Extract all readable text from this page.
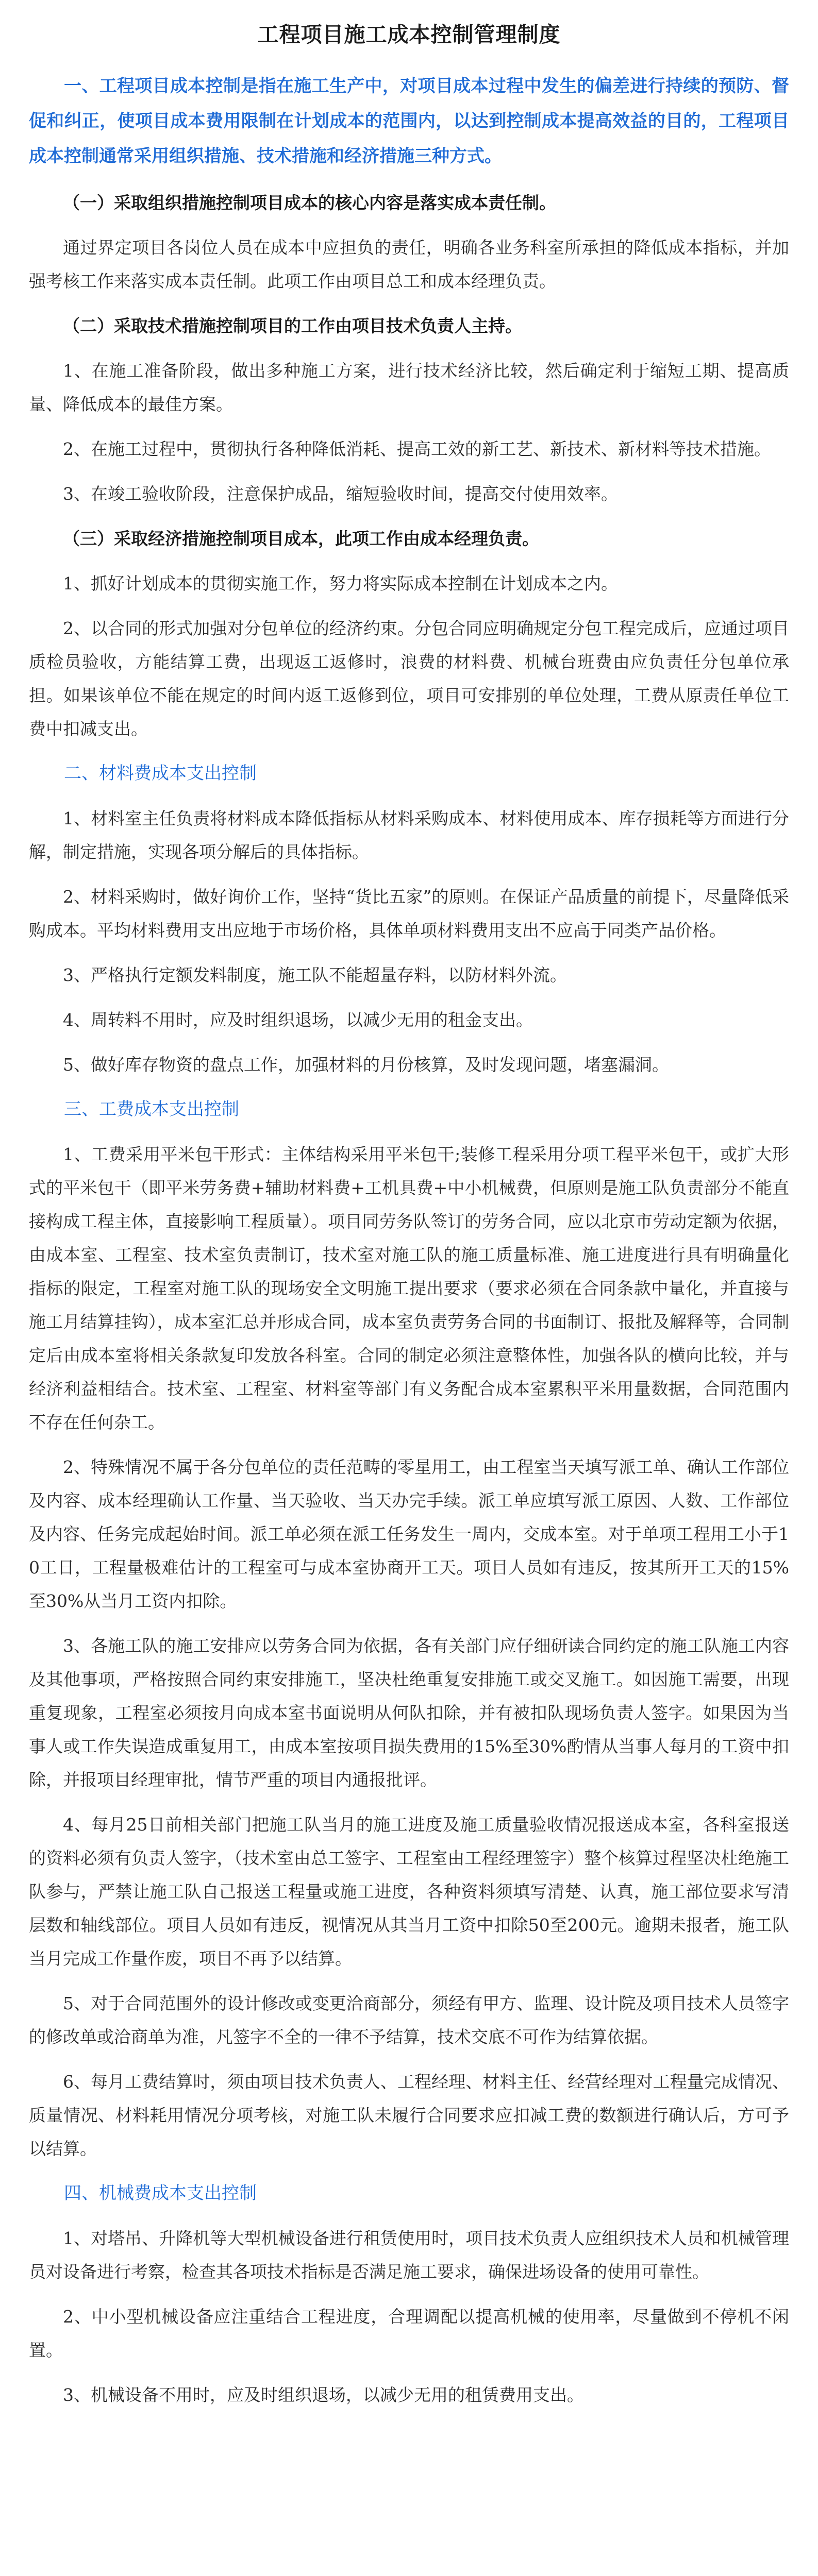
工程项目施工成本控制管理制度

一、工程项目成本控制是指在施工生产中，对项目成本过程中发生的偏差进行持续的预防、督促和纠正，使项目成本费用限制在计划成本的范围内，以达到控制成本提高效益的目的，工程项目成本控制通常采用组织措施、技术措施和经济措施三种方式。

（一）采取组织措施控制项目成本的核心内容是落实成本责任制。

通过界定项目各岗位人员在成本中应担负的责任，明确各业务科室所承担的降低成本指标，并加强考核工作来落实成本责任制。此项工作由项目总工和成本经理负责。

（二）采取技术措施控制项目的工作由项目技术负责人主持。

1、在施工准备阶段，做出多种施工方案，进行技术经济比较，然后确定利于缩短工期、提高质量、降低成本的最佳方案。

2、在施工过程中，贯彻执行各种降低消耗、提高工效的新工艺、新技术、新材料等技术措施。

3、在竣工验收阶段，注意保护成品，缩短验收时间，提高交付使用效率。

（三）采取经济措施控制项目成本，此项工作由成本经理负责。

1、抓好计划成本的贯彻实施工作，努力将实际成本控制在计划成本之内。

2、以合同的形式加强对分包单位的经济约束。分包合同应明确规定分包工程完成后，应通过项目质检员验收，方能结算工费，出现返工返修时，浪费的材料费、机械台班费由应负责任分包单位承担。如果该单位不能在规定的时间内返工返修到位，项目可安排别的单位处理，工费从原责任单位工费中扣减支出。

二、材料费成本支出控制

1、材料室主任负责将材料成本降低指标从材料采购成本、材料使用成本、库存损耗等方面进行分解，制定措施，实现各项分解后的具体指标。

2、材料采购时，做好询价工作，坚持“货比五家”的原则。在保证产品质量的前提下，尽量降低采购成本。平均材料费用支出应地于市场价格，具体单项材料费用支出不应高于同类产品价格。

3、严格执行定额发料制度，施工队不能超量存料，以防材料外流。

4、周转料不用时，应及时组织退场，以减少无用的租金支出。

5、做好库存物资的盘点工作，加强材料的月份核算，及时发现问题，堵塞漏洞。

三、工费成本支出控制

1、工费采用平米包干形式：主体结构采用平米包干;装修工程采用分项工程平米包干，或扩大形式的平米包干（即平米劳务费+辅助材料费+工机具费+中小机械费，但原则是施工队负责部分不能直接构成工程主体，直接影响工程质量）。项目同劳务队签订的劳务合同，应以北京市劳动定额为依据，由成本室、工程室、技术室负责制订，技术室对施工队的施工质量标准、施工进度进行具有明确量化指标的限定，工程室对施工队的现场安全文明施工提出要求（要求必须在合同条款中量化，并直接与施工月结算挂钩），成本室汇总并形成合同，成本室负责劳务合同的书面制订、报批及解释等，合同制定后由成本室将相关条款复印发放各科室。合同的制定必须注意整体性，加强各队的横向比较，并与经济利益相结合。技术室、工程室、材料室等部门有义务配合成本室累积平米用量数据，合同范围内不存在任何杂工。

2、特殊情况不属于各分包单位的责任范畴的零星用工，由工程室当天填写派工单、确认工作部位及内容、成本经理确认工作量、当天验收、当天办完手续。派工单应填写派工原因、人数、工作部位及内容、任务完成起始时间。派工单必须在派工任务发生一周内，交成本室。对于单项工程用工小于10工日，工程量极难估计的工程室可与成本室协商开工天。项目人员如有违反，按其所开工天的15%至30%从当月工资内扣除。

3、各施工队的施工安排应以劳务合同为依据，各有关部门应仔细研读合同约定的施工队施工内容及其他事项，严格按照合同约束安排施工，坚决杜绝重复安排施工或交叉施工。如因施工需要，出现重复现象，工程室必须按月向成本室书面说明从何队扣除，并有被扣队现场负责人签字。如果因为当事人或工作失误造成重复用工，由成本室按项目损失费用的15%至30%酌情从当事人每月的工资中扣除，并报项目经理审批，情节严重的项目内通报批评。

4、每月25日前相关部门把施工队当月的施工进度及施工质量验收情况报送成本室，各科室报送的资料必须有负责人签字，（技术室由总工签字、工程室由工程经理签字）整个核算过程坚决杜绝施工队参与，严禁让施工队自己报送工程量或施工进度，各种资料须填写清楚、认真，施工部位要求写清层数和轴线部位。项目人员如有违反，视情况从其当月工资中扣除50至200元。逾期未报者，施工队当月完成工作量作废，项目不再予以结算。

5、对于合同范围外的设计修改或变更洽商部分，须经有甲方、监理、设计院及项目技术人员签字的修改单或洽商单为准，凡签字不全的一律不予结算，技术交底不可作为结算依据。

6、每月工费结算时，须由项目技术负责人、工程经理、材料主任、经营经理对工程量完成情况、质量情况、材料耗用情况分项考核，对施工队未履行合同要求应扣减工费的数额进行确认后，方可予以结算。

四、机械费成本支出控制

1、对塔吊、升降机等大型机械设备进行租赁使用时，项目技术负责人应组织技术人员和机械管理员对设备进行考察，检查其各项技术指标是否满足施工要求，确保进场设备的使用可靠性。

2、中小型机械设备应注重结合工程进度，合理调配以提高机械的使用率，尽量做到不停机不闲置。

3、机械设备不用时，应及时组织退场，以减少无用的租赁费用支出。
